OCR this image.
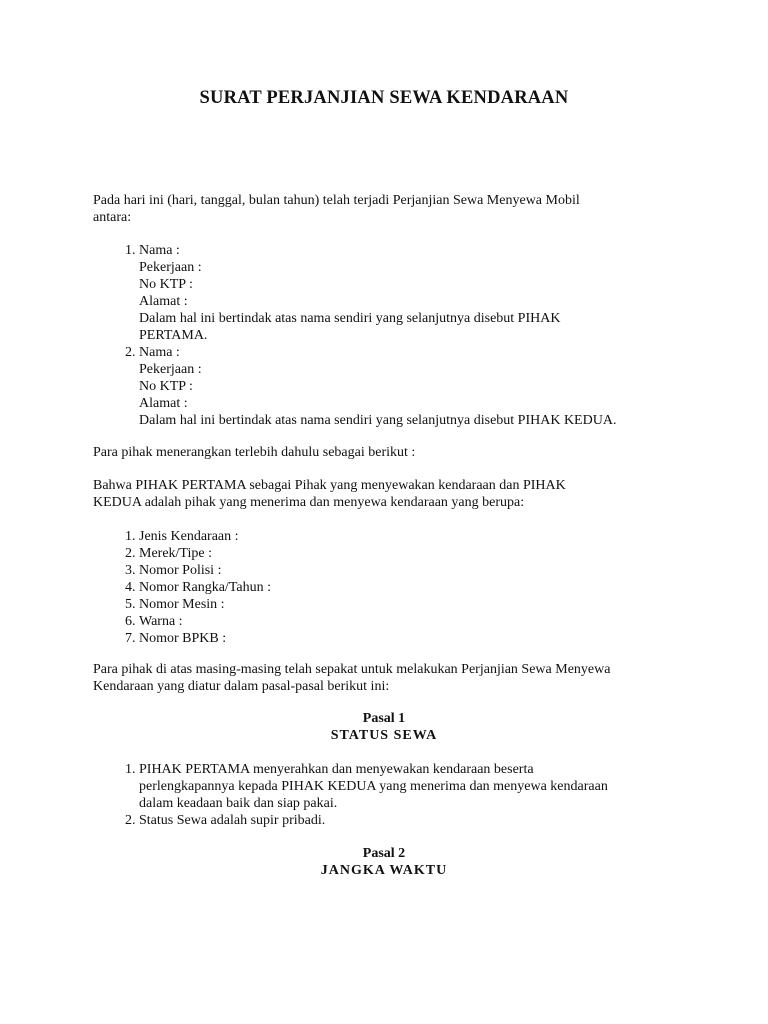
SURAT PERJANJIAN SEWA KENDARAAN
Pada hari ini (hari, tanggal, bulan tahun) telah terjadi Perjanjian Sewa Menyewa Mobil
antara:
1. Nama :
Pekerjaan :
No KTP :
Alamat :
Dalam hal ini bertindak atas nama sendiri yang selanjutnya disebut PIHAK
PERTAMA.
2. Nama :
Pekerjaan :
No KTP :
Alamat :
Dalam hal ini bertindak atas nama sendiri yang selanjutnya disebut PIHAK KEDUA.
Para pihak menerangkan terlebih dahulu sebagai berikut :
Bahwa PIHAK PERTAMA sebagai Pihak yang menyewakan kendaraan dan PIHAK
KEDUA adalah pihak yang menerima dan menyewa kendaraan yang berupa:
1. Jenis Kendaraan :
2. Merek/Tipe :
3. Nomor Polisi :
4. Nomor Rangka/Tahun :
5. Nomor Mesin :
6. Warna :
7. Nomor BPKB :
Para pihak di atas masing-masing telah sepakat untuk melakukan Perjanjian Sewa Menyewa
Kendaraan yang diatur dalam pasal-pasal berikut ini:
Pasal 1
STATUS SEWA
1. PIHAK PERTAMA menyerahkan dan menyewakan kendaraan beserta
perlengkapannya kepada PIHAK KEDUA yang menerima dan menyewa kendaraan
dalam keadaan baik dan siap pakai.
2. Status Sewa adalah supir pribadi.
Pasal 2
JANGKA WAKTU
